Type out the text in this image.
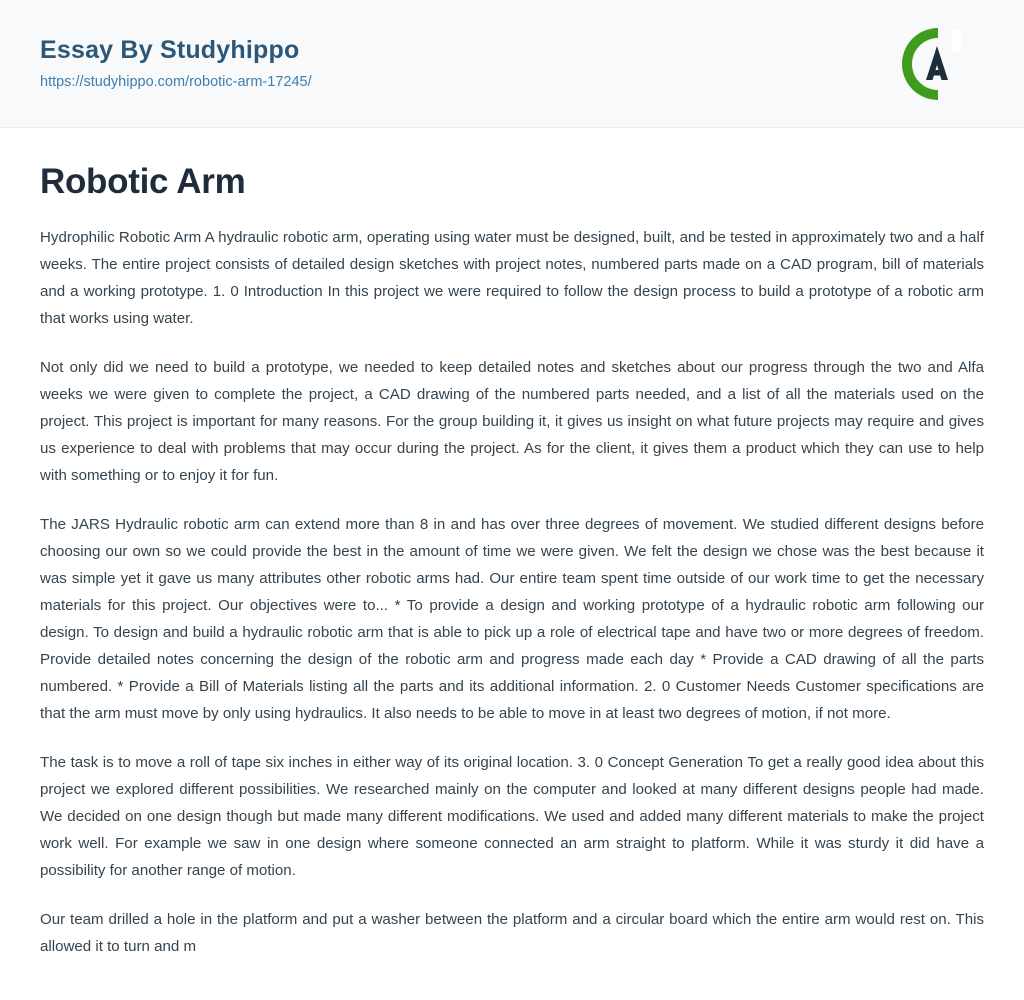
Essay By Studyhippo
https://studyhippo.com/robotic-arm-17245/
Robotic Arm

Hydrophilic Robotic Arm A hydraulic robotic arm, operating using water must be designed, built, and be tested in approximately two and a half weeks. The entire project consists of detailed design sketches with project notes, numbered parts made on a CAD program, bill of materials and a working prototype. 1. 0 Introduction In this project we were required to follow the design process to build a prototype of a robotic arm that works using water.

Not only did we need to build a prototype, we needed to keep detailed notes and sketches about our progress through the two and Alfa weeks we were given to complete the project, a CAD drawing of the numbered parts needed, and a list of all the materials used on the project. This project is important for many reasons. For the group building it, it gives us insight on what future projects may require and gives us experience to deal with problems that may occur during the project. As for the client, it gives them a product which they can use to help with something or to enjoy it for fun.

The JARS Hydraulic robotic arm can extend more than 8 in and has over three degrees of movement. We studied different designs before choosing our own so we could provide the best in the amount of time we were given. We felt the design we chose was the best because it was simple yet it gave us many attributes other robotic arms had. Our entire team spent time outside of our work time to get the necessary materials for this project. Our objectives were to... * To provide a design and working prototype of a hydraulic robotic arm following our design. To design and build a hydraulic robotic arm that is able to pick up a role of electrical tape and have two or more degrees of freedom. Provide detailed notes concerning the design of the robotic arm and progress made each day * Provide a CAD drawing of all the parts numbered. * Provide a Bill of Materials listing all the parts and its additional information. 2. 0 Customer Needs Customer specifications are that the arm must move by only using hydraulics. It also needs to be able to move in at least two degrees of motion, if not more.

The task is to move a roll of tape six inches in either way of its original location. 3. 0 Concept Generation To get a really good idea about this project we explored different possibilities. We researched mainly on the computer and looked at many different designs people had made. We decided on one design though but made many different modifications. We used and added many different materials to make the project work well. For example we saw in one design where someone connected an arm straight to platform. While it was sturdy it did have a possibility for another range of motion.

Our team drilled a hole in the platform and put a washer between the platform and a circular board which the entire arm would rest on. This allowed it to turn and m
